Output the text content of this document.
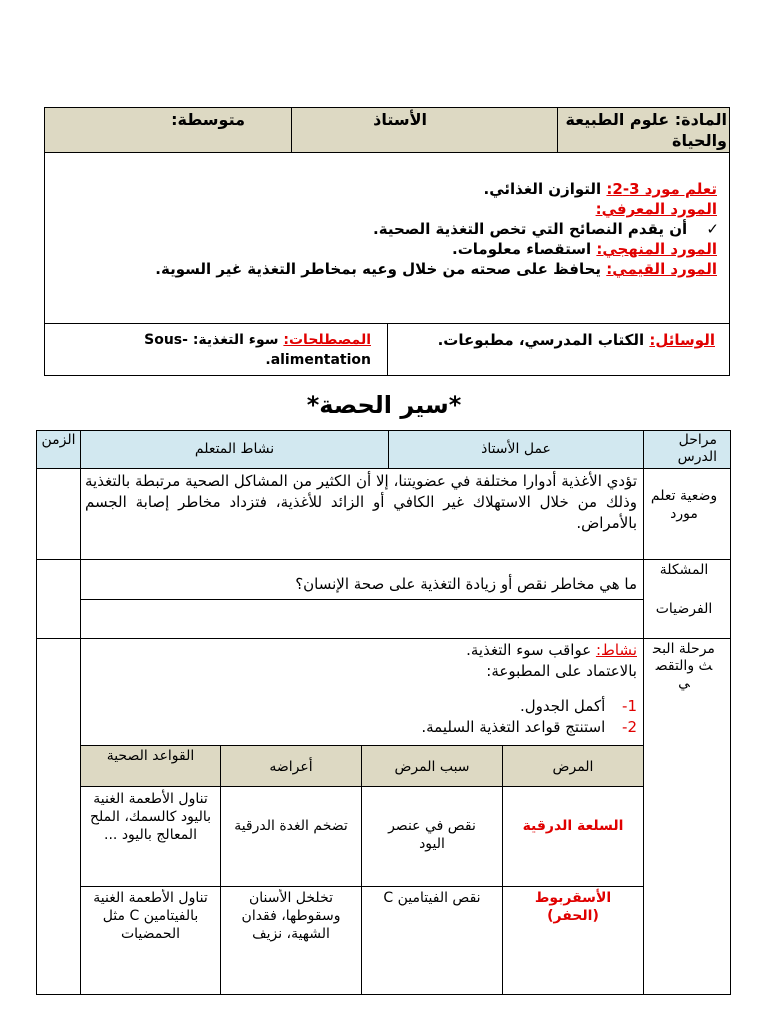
المادة: علوم الطبيعة والحياة
الأستاذ
متوسطة:
تعلم مورد 3-2: التوازن الغذائي.
المورد المعرفي:
✓ أن يقدم النصائح التي تخص التغذية الصحية.
المورد المنهجي: استقصاء معلومات.
المورد القيمي: يحافظ على صحته من خلال وعيه بمخاطر التغذية غير السوية.
الوسائل: الكتاب المدرسي، مطبوعات.
المصطلحات: سوء التغذية: Sous-alimentation.
*سير الحصة*
مراحل الدرس
عمل الأستاذ
نشاط المتعلم
الزمن
وضعية تعلم مورد
تؤدي الأغذية أدوارا مختلفة في عضويتنا، إلا أن الكثير من المشاكل الصحية مرتبطة بالتغذية وذلك من خلال الاستهلاك غير الكافي أو الزائد للأغذية، فتزداد مخاطر إصابة الجسم بالأمراض.
المشكلة
ما هي مخاطر نقص أو زيادة التغذية على صحة الإنسان؟
الفرضيات
مرحلة البحث والتقصي
نشاط: عواقب سوء التغذية.
بالاعتماد على المطبوعة:
1- أكمل الجدول.
2- استنتج قواعد التغذية السليمة.
المرض
سبب المرض
أعراضه
القواعد الصحية
السلعة الدرقية
نقص في عنصر اليود
تضخم الغدة الدرقية
تناول الأطعمة الغنية باليود كالسمك، الملح المعالج باليود ...
الأسقربوط (الحفر)
نقص الفيتامين C
تخلخل الأسنان وسقوطها، فقدان الشهية، نزيف
تناول الأطعمة الغنية بالفيتامين C مثل الحمضيات
